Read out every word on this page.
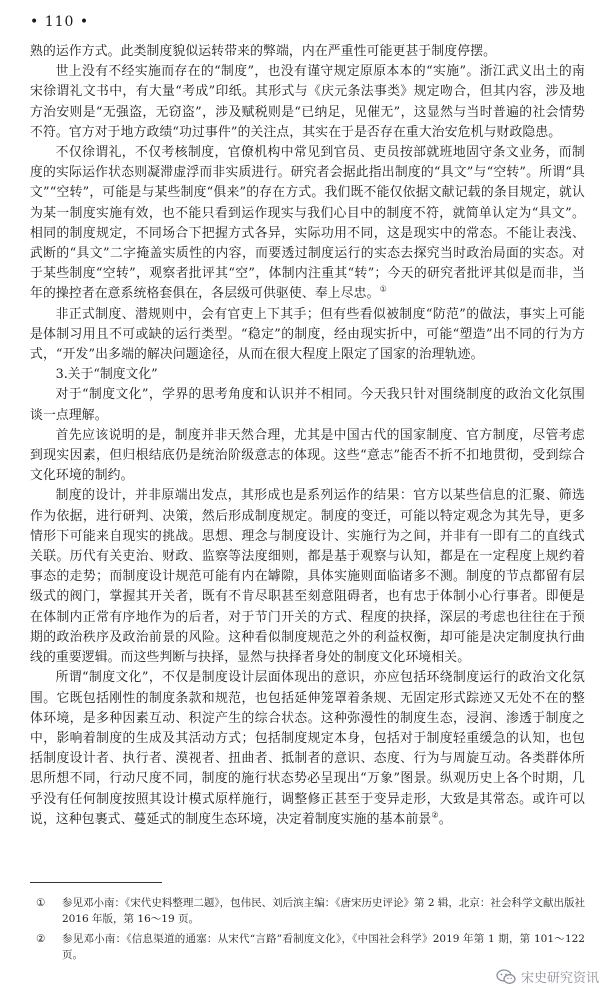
• 110 •

熟的运作方式。此类制度貌似运转带来的弊端，内在严重性可能更甚于制度停摆。

世上没有不经实施而存在的“制度”，也没有谨守规定原原本本的“实施”。浙江武义出土的南宋徐谓礼文书中，有大量“考成”印纸。其形式与《庆元条法事类》规定吻合，但其内容，涉及地方治安则是“无强盗，无窃盗”，涉及赋税则是“已纳足，见催无”，这显然与当时普遍的社会情势不符。官方对于地方政绩“功过事件”的关注点，其实在于是否存在重大治安危机与财政隐患。

不仅徐谓礼，不仅考核制度，官僚机构中常见到官员、吏员按部就班地固守条文业务，而制度的实际运作状态则凝滞虚浮而非实质进行。研究者会据此指出制度的“具文”与“空转”。所谓“具文”“空转”，可能是与某些制度“俱来”的存在方式。我们既不能仅依据文献记载的条目规定，就认为某一制度实施有效，也不能只看到运作现实与我们心目中的制度不符，就简单认定为“具文”。相同的制度规定，不同场合下把握方式各异，实际功用不同，这是现实中的常态。不能让表浅、武断的“具文”二字掩盖实质性的内容，而要透过制度运行的实态去探究当时政治局面的实态。对于某些制度“空转”，观察者批评其“空”，体制内注重其“转”；今天的研究者批评其似是而非，当年的操控者在意系统格套俱在，各层级可供驱使、奉上尽忠。①

非正式制度、潜规则中，会有官吏上下其手；但有些看似被制度“防范”的做法，事实上可能是体制习用且不可或缺的运行类型。“稳定”的制度，经由现实折中，可能“塑造”出不同的行为方式，“开发”出多端的解决问题途径，从而在很大程度上限定了国家的治理轨迹。

3.关于“制度文化”

对于“制度文化”，学界的思考角度和认识并不相同。今天我只针对围绕制度的政治文化氛围谈一点理解。

首先应该说明的是，制度并非天然合理，尤其是中国古代的国家制度、官方制度，尽管考虑到现实因素，但归根结底仍是统治阶级意志的体现。这些“意志”能否不折不扣地贯彻，受到综合文化环境的制约。

制度的设计，并非原端出发点，其形成也是系列运作的结果：官方以某些信息的汇聚、筛选作为依据，进行研判、决策，然后形成制度规定。制度的变迁，可能以特定观念为其先导，更多情形下可能来自现实的挑战。思想、理念与制度设计、实施行为之间，并非有一即有二的直线式关联。历代有关吏治、财政、监察等法度细则，都是基于观察与认知，都是在一定程度上规约着事态的走势；而制度设计规范可能有内在罅隙，具体实施则面临诸多不测。制度的节点都留有层级式的阀门，掌握其开关者，既有不肯尽职甚至刻意阻碍者，也有忠于体制小心行事者。即便是在体制内正常有序地作为的后者，对于节门开关的方式、程度的抉择，深层的考虑也往往在于预期的政治秩序及政治前景的风险。这种看似制度规范之外的利益权衡，却可能是决定制度执行曲线的重要逻辑。而这些判断与抉择，显然与抉择者身处的制度文化环境相关。

所谓“制度文化”，不仅是制度设计层面体现出的意识，亦应包括环绕制度运行的政治文化氛围。它既包括刚性的制度条款和规范，也包括延伸笼罩着条规、无固定形式踪迹又无处不在的整体环境，是多种因素互动、积淀产生的综合状态。这种弥漫性的制度生态，浸润、渗透于制度之中，影响着制度的生成及其活动方式；包括制度规定本身，包括对于制度轻重缓急的认知，也包括制度设计者、执行者、漠视者、扭曲者、抵制者的意识、态度、行为与周旋互动。各类群体所思所想不同，行动尺度不同，制度的施行状态势必呈现出“万象”图景。纵观历史上各个时期，几乎没有任何制度按照其设计模式原样施行，调整修正甚至于变异走形，大致是其常态。或许可以说，这种包裹式、蔓延式的制度生态环境，决定着制度实施的基本前景②。

①	参见邓小南：《宋代史料整理二题》，包伟民、刘后滨主编：《唐宋历史评论》第 2 辑，北京：社会科学文献出版社 2016 年版，第 16～19 页。
②	参见邓小南：《信息渠道的通塞：从宋代“言路”看制度文化》，《中国社会科学》2019 年第 1 期，第 101～122 页。
宋史研究资讯
